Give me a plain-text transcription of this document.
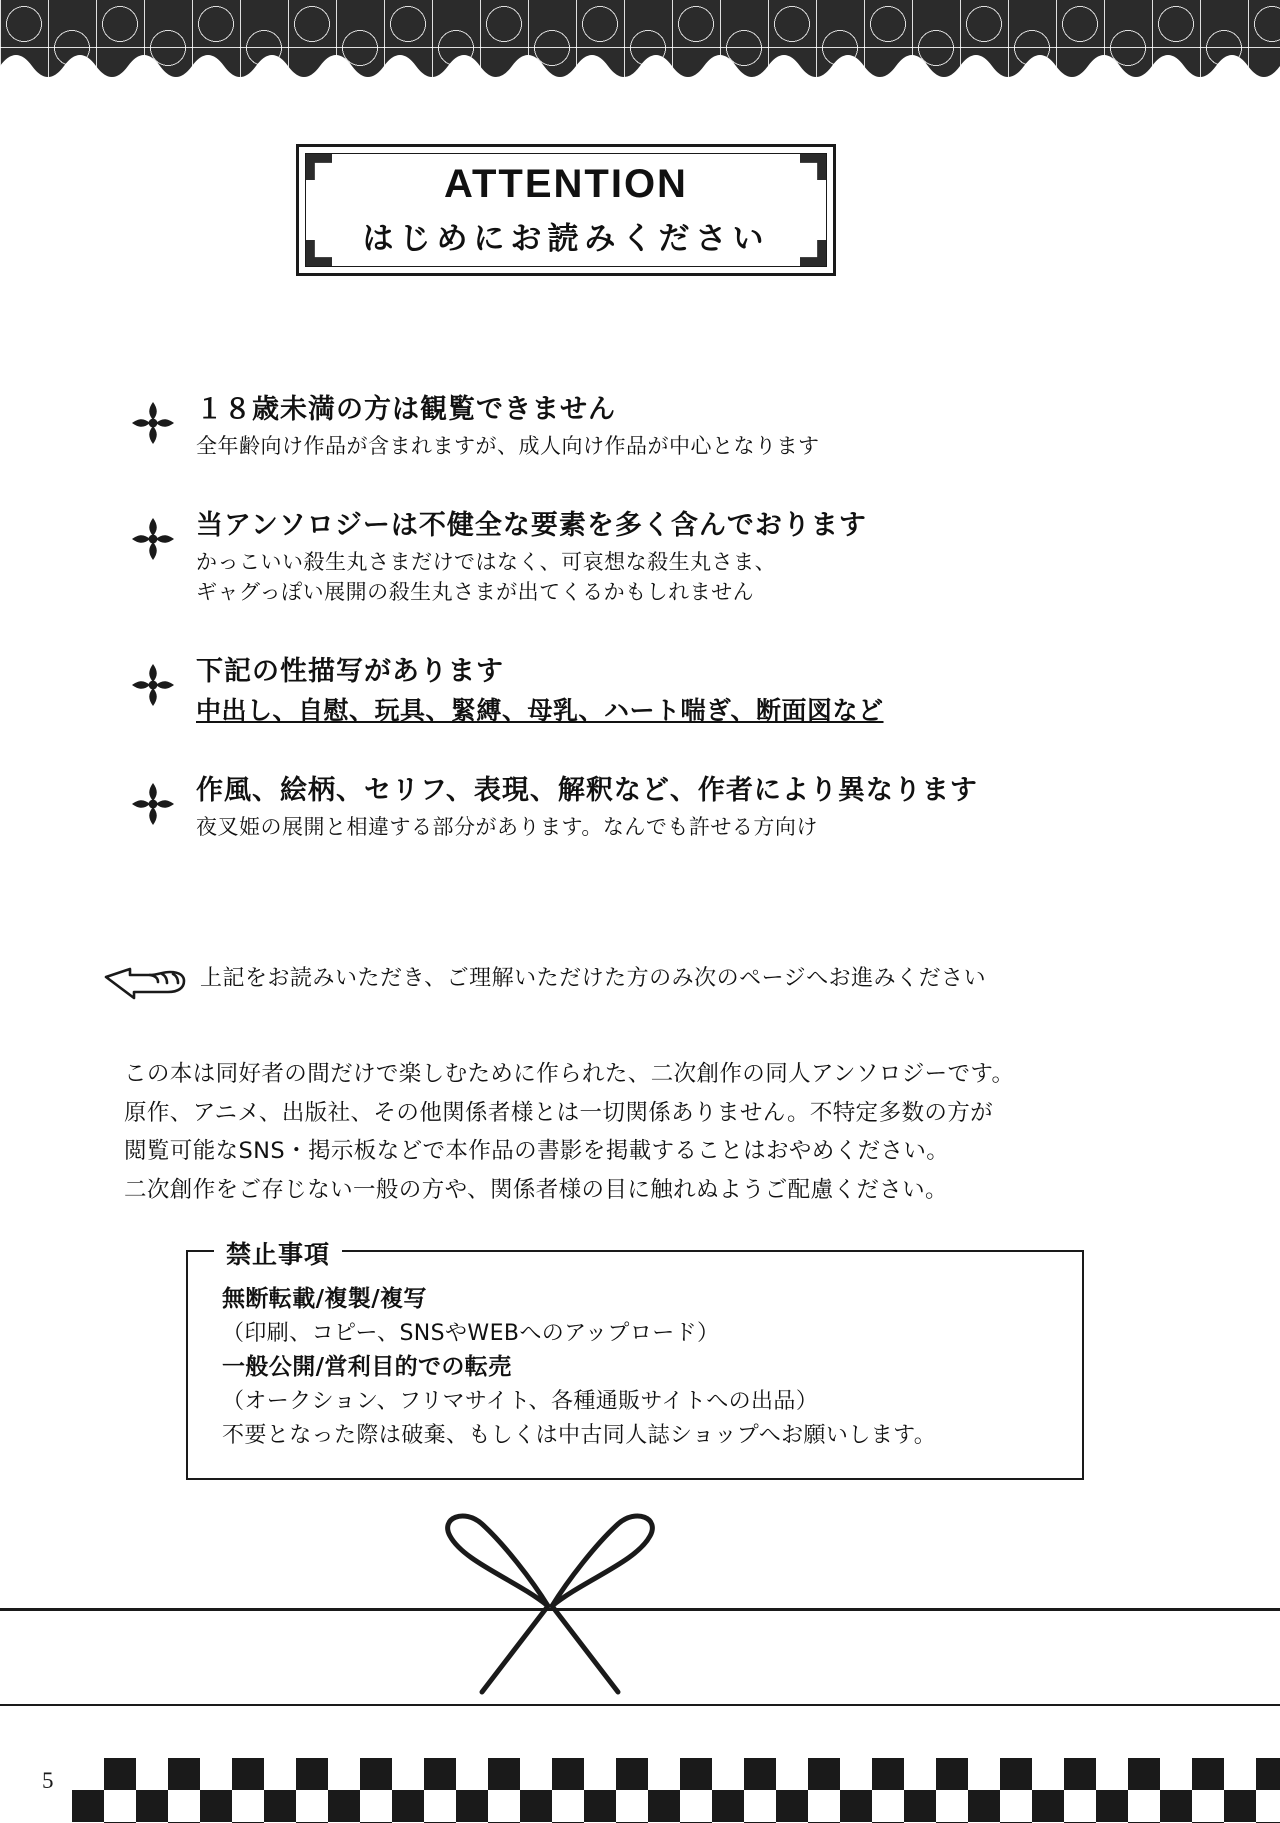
ATTENTION
はじめにお読みください
１８歳未満の方は観覧できません
全年齢向け作品が含まれますが、成人向け作品が中心となります
当アンソロジーは不健全な要素を多く含んでおります
かっこいい殺生丸さまだけではなく、可哀想な殺生丸さま、
ギャグっぽい展開の殺生丸さまが出てくるかもしれません
下記の性描写があります
中出し、自慰、玩具、緊縛、母乳、ハート喘ぎ、断面図など
作風、絵柄、セリフ、表現、解釈など、作者により異なります
夜叉姫の展開と相違する部分があります。なんでも許せる方向け
上記をお読みいただき、ご理解いただけた方のみ次のページへお進みください
この本は同好者の間だけで楽しむために作られた、二次創作の同人アンソロジーです。
原作、アニメ、出版社、その他関係者様とは一切関係ありません。不特定多数の方が
閲覧可能なSNS・掲示板などで本作品の書影を掲載することはおやめください。
二次創作をご存じない一般の方や、関係者様の目に触れぬようご配慮ください。
禁止事項
無断転載/複製/複写
（印刷、コピー、SNSやWEBへのアップロード）
一般公開/営利目的での転売
（オークション、フリマサイト、各種通販サイトへの出品）
不要となった際は破棄、もしくは中古同人誌ショップへお願いします。
5
